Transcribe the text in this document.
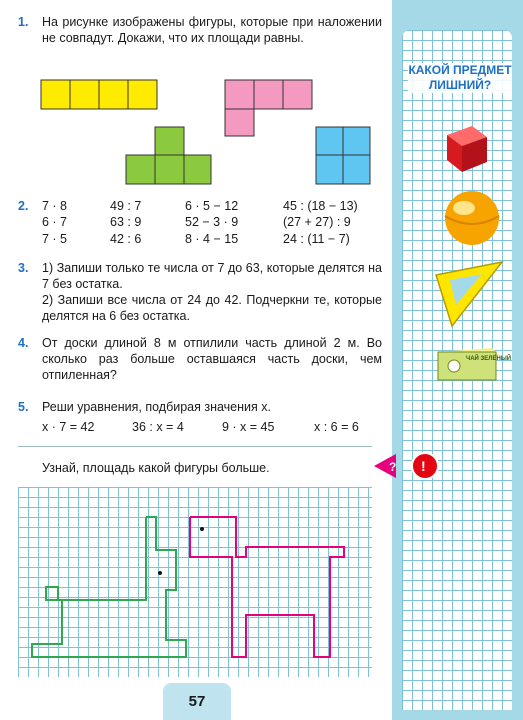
1. На рисунке изображены фигуры, которые при наложении не совпадут. Докажи, что их площади равны.
2. 7 · 8	49 : 7	6 · 5 − 12	45 : (18 − 13)
6 · 7	63 : 9	52 − 3 · 9	(27 + 27) : 9
7 · 5	42 : 6	8 · 4 − 15	24 : (11 − 7)
3. 1) Запиши только те числа от 7 до 63, которые делятся на 7 без остатка.
2) Запиши все числа от 24 до 42. Подчеркни те, которые делятся на 6 без остатка.
4. От доски длиной 8 м отпилили часть длиной 2 м. Во сколько раз больше оставшаяся часть доски, чем отпиленная?
5. Реши уравнения, подбирая значения x.
x · 7 = 42	36 : x = 4	9 · x = 45	x : 6 = 6
Узнай, площадь какой фигуры больше.
57
КАКОЙ ПРЕДМЕТ ЛИШНИЙ?
ЧАЙ ЗЕЛЁНЫЙ
? !
